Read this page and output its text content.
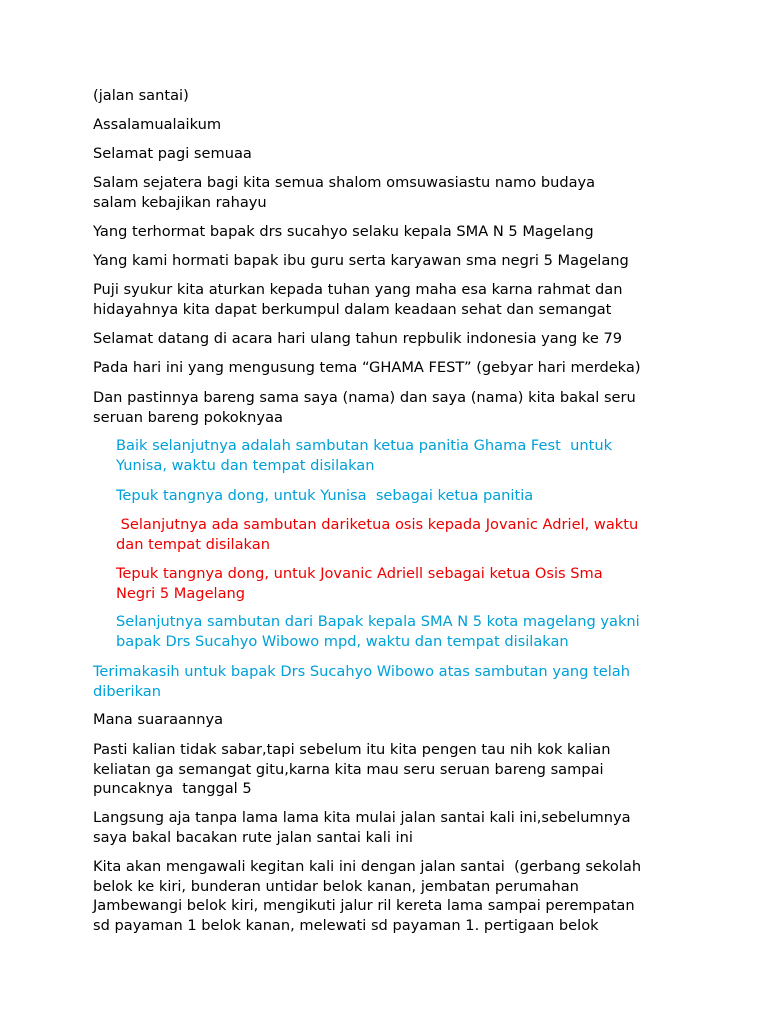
(jalan santai)

Assalamualaikum

Selamat pagi semuaa

Salam sejatera bagi kita semua shalom omsuwasiastu namo budaya
salam kebajikan rahayu

Yang terhormat bapak drs sucahyo selaku kepala SMA N 5 Magelang

Yang kami hormati bapak ibu guru serta karyawan sma negri 5 Magelang

Puji syukur kita aturkan kepada tuhan yang maha esa karna rahmat dan
hidayahnya kita dapat berkumpul dalam keadaan sehat dan semangat

Selamat datang di acara hari ulang tahun repbulik indonesia yang ke 79

Pada hari ini yang mengusung tema “GHAMA FEST” (gebyar hari merdeka)

Dan pastinnya bareng sama saya (nama) dan saya (nama) kita bakal seru
seruan bareng pokoknyaa

Baik selanjutnya adalah sambutan ketua panitia Ghama Fest  untuk
Yunisa, waktu dan tempat disilakan

Tepuk tangnya dong, untuk Yunisa  sebagai ketua panitia

Selanjutnya ada sambutan dariketua osis kepada Jovanic Adriel, waktu
dan tempat disilakan

Tepuk tangnya dong, untuk Jovanic Adriell sebagai ketua Osis Sma
Negri 5 Magelang

Selanjutnya sambutan dari Bapak kepala SMA N 5 kota magelang yakni
bapak Drs Sucahyo Wibowo mpd, waktu dan tempat disilakan

Terimakasih untuk bapak Drs Sucahyo Wibowo atas sambutan yang telah
diberikan

Mana suaraannya

Pasti kalian tidak sabar,tapi sebelum itu kita pengen tau nih kok kalian
keliatan ga semangat gitu,karna kita mau seru seruan bareng sampai
puncaknya  tanggal 5

Langsung aja tanpa lama lama kita mulai jalan santai kali ini,sebelumnya
saya bakal bacakan rute jalan santai kali ini

Kita akan mengawali kegitan kali ini dengan jalan santai  (gerbang sekolah
belok ke kiri, bunderan untidar belok kanan, jembatan perumahan
Jambewangi belok kiri, mengikuti jalur ril kereta lama sampai perempatan
sd payaman 1 belok kanan, melewati sd payaman 1. pertigaan belok
